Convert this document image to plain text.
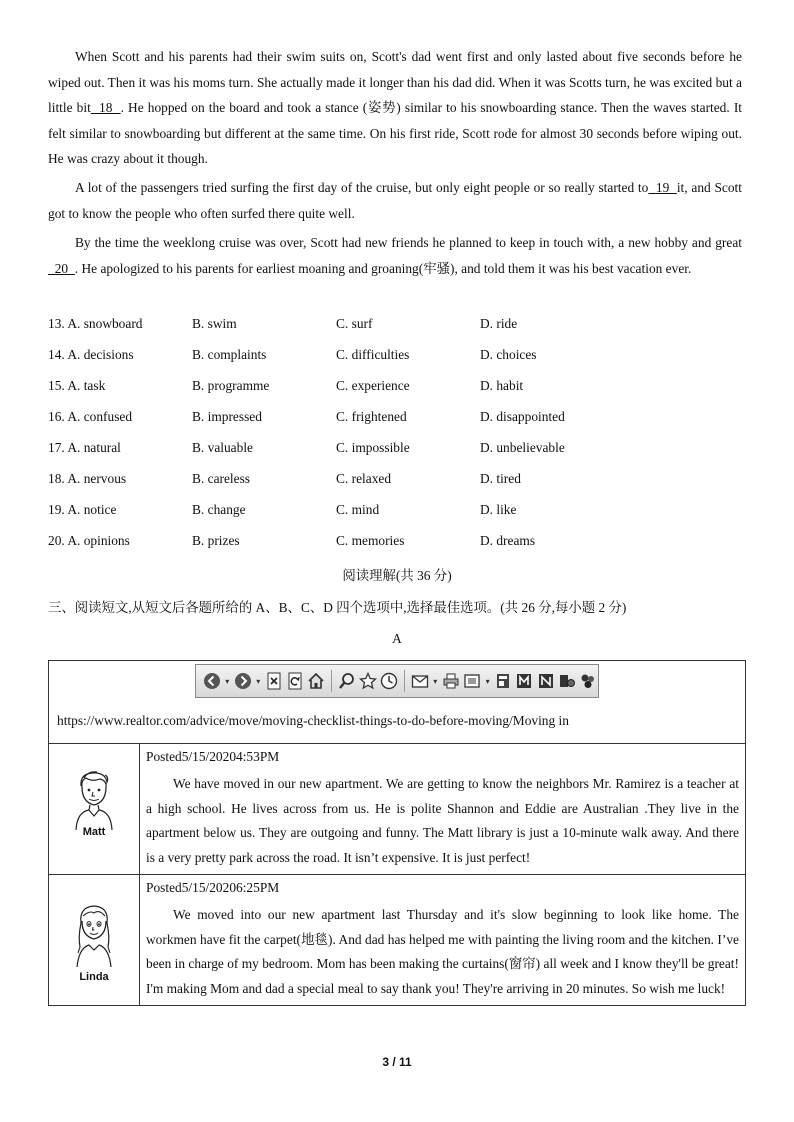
When Scott and his parents had their swim suits on, Scott's dad went first and only lasted about five seconds before he wiped out. Then it was his moms turn. She actually made it longer than his dad did. When it was Scotts turn, he was excited but a little bit  18  . He hopped on the board and took a stance (姿势) similar to his snowboarding stance. Then the waves started. It felt similar to snowboarding but different at the same time. On his first ride, Scott rode for almost 30 seconds before wiping out. He was crazy about it though.

A lot of the passengers tried surfing the first day of the cruise, but only eight people or so really started to  19  it, and Scott got to know the people who often surfed there quite well.

By the time the weeklong cruise was over, Scott had new friends he planned to keep in touch with, a new hobby and great  20  . He apologized to his parents for earliest moaning and groaning(牢骚), and told them it was his best vacation ever.

13. A. snowboard	B. swim	C. surf	D. ride
14. A. decisions	B. complaints	C. difficulties	D. choices
15. A. task	B. programme	C. experience	D. habit
16. A. confused	B. impressed	C. frightened	D. disappointed
17. A. natural	B. valuable	C. impossible	D. unbelievable
18. A. nervous	B. careless	C. relaxed	D. tired
19. A. notice	B. change	C. mind	D. like
20. A. opinions	B. prizes	C. memories	D. dreams
阅读理解(共 36 分)
三、阅读短文,从短文后各题所给的 A、B、C、D 四个选项中,选择最佳选项。(共 26 分,每小题 2 分)
A
▾ ▾ ▾ ▾
https://www.realtor.com/advice/move/moving-checklist-things-to-do-before-moving/Moving in	

Matt	Posted5/15/20204:53PM

We have moved in our new apartment. We are getting to know the neighbors Mr. Ramirez is a teacher at a high school. He lives across from us. He is polite Shannon and Eddie are Australian .They live in the apartment below us. They are outgoing and funny. The Matt library is just a 10-minute walk away. And there is a very pretty park across the road. It isn’t expensive. It is just perfect!

Linda	Posted5/15/20206:25PM

We moved into our new apartment last Thursday and it's slow beginning to look like home. The workmen have fit the carpet(地毯). And dad has helped me with painting the living room and the kitchen. I’ve been in charge of my bedroom. Mom has been making the curtains(窗帘) all week and I know they'll be great! I'm making Mom and dad a special meal to say thank you! They're arriving in 20 minutes. So wish me luck!

3 / 11
